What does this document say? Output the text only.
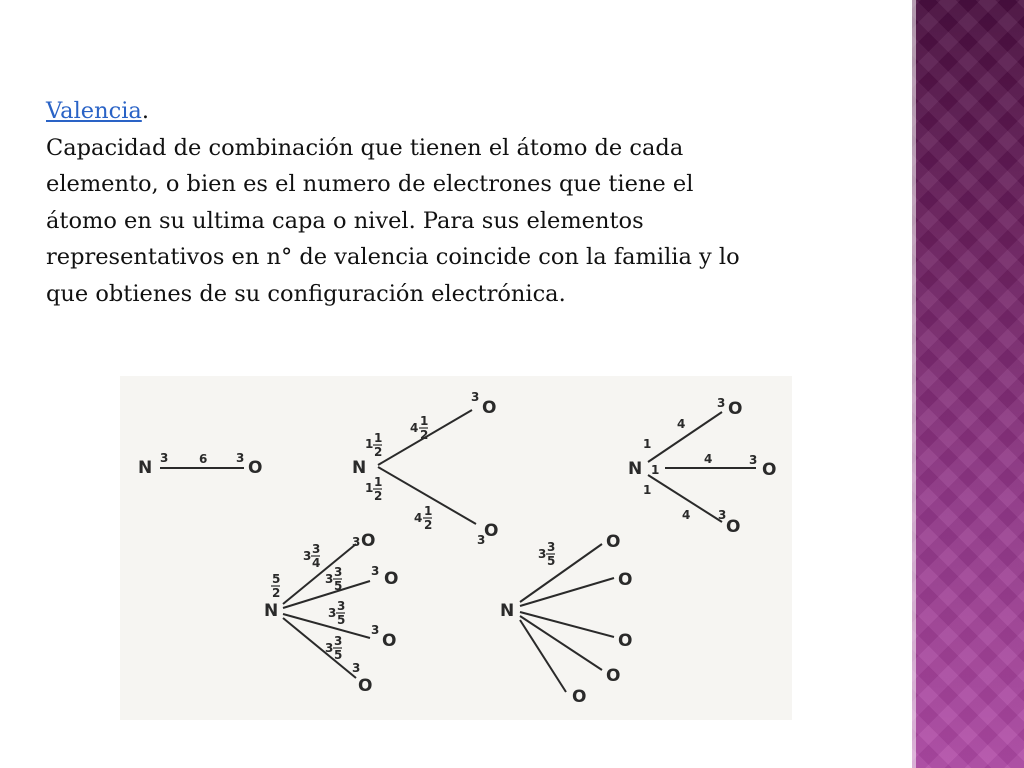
Valencia.

Capacidad de combinación que tienen el átomo de cada
elemento, o bien es el numero de electrones que tiene el
átomo en su ultima capa o nivel. Para sus elementos
representativos en n° de valencia coincide con la familia y lo
que obtienes de su configuración electrónica.

N 3	6 3 O	N
1 1
2
1 1
2
4 1
2
4 1
2
3
O
3
O
N
1
1
1
4
4
4
3 O
3 O
3
O
5
2
N
3 3
4
3 3
5
3 3
5
3 3
5
3 O
3 O
3
O
3
O
N
3 3
5
O
O
O
O
O
